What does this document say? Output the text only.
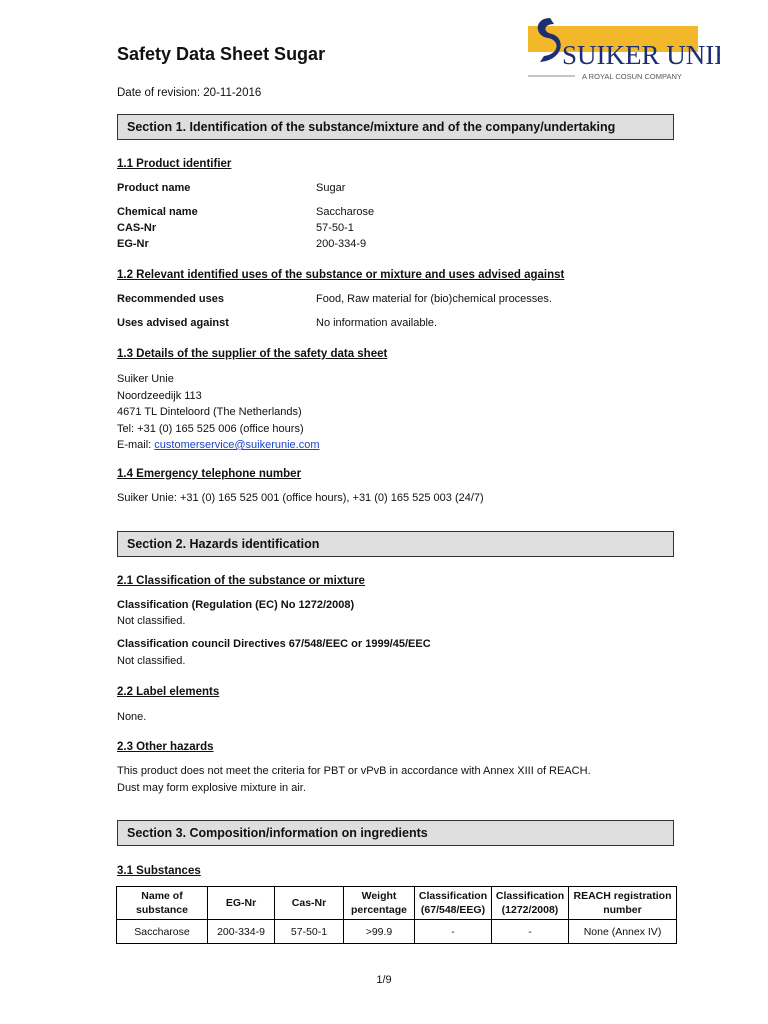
Safety Data Sheet Sugar
Date of revision: 20-11-2016
SUIKER UNIE
A ROYAL COSUN COMPANY
Section 1. Identification of the substance/mixture and of the company/undertaking
1.1 Product identifier
Product name	Sugar
Chemical name	Saccharose
CAS-Nr	57-50-1
EG-Nr	200-334-9
1.2 Relevant identified uses of the substance or mixture and uses advised against
Recommended uses	Food, Raw material for (bio)chemical processes.
Uses advised against	No information available.
1.3 Details of the supplier of the safety data sheet
Suiker Unie
Noordzeedijk 113
4671 TL Dinteloord (The Netherlands)
Tel: +31 (0) 165 525 006 (office hours)
E-mail: customerservice@suikerunie.com
1.4 Emergency telephone number
Suiker Unie: +31 (0) 165 525 001 (office hours), +31 (0) 165 525 003 (24/7)
Section 2. Hazards identification
2.1 Classification of the substance or mixture
Classification (Regulation (EC) No 1272/2008)
Not classified.
Classification council Directives 67/548/EEC or 1999/45/EEC
Not classified.
2.2 Label elements
None.
2.3 Other hazards
This product does not meet the criteria for PBT or vPvB in accordance with Annex XIII of REACH.
Dust may form explosive mixture in air.
Section 3. Composition/information on ingredients
3.1 Substances
Name of substance	EG-Nr	Cas-Nr	Weight percentage	Classification (67/548/EEG)	Classification (1272/2008)	REACH registration number
Saccharose	200-334-9	57-50-1	>99.9	-	-	None (Annex IV)
1/9
